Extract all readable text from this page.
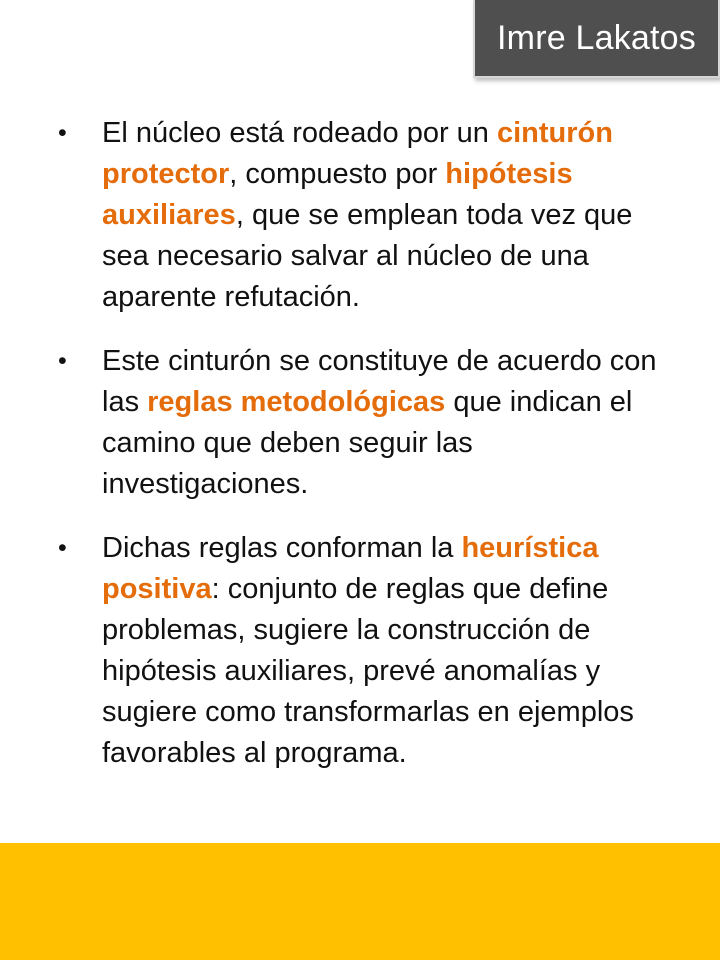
Imre Lakatos
• El núcleo está rodeado por un cinturón protector, compuesto por hipótesis auxiliares, que se emplean toda vez que sea necesario salvar al núcleo de una aparente refutación.
• Este cinturón se constituye de acuerdo con las reglas metodológicas que indican el camino que deben seguir las investigaciones.
• Dichas reglas conforman la heurística positiva: conjunto de reglas que define problemas, sugiere la construcción de hipótesis auxiliares, prevé anomalías y sugiere como transformarlas en ejemplos favorables al programa.
